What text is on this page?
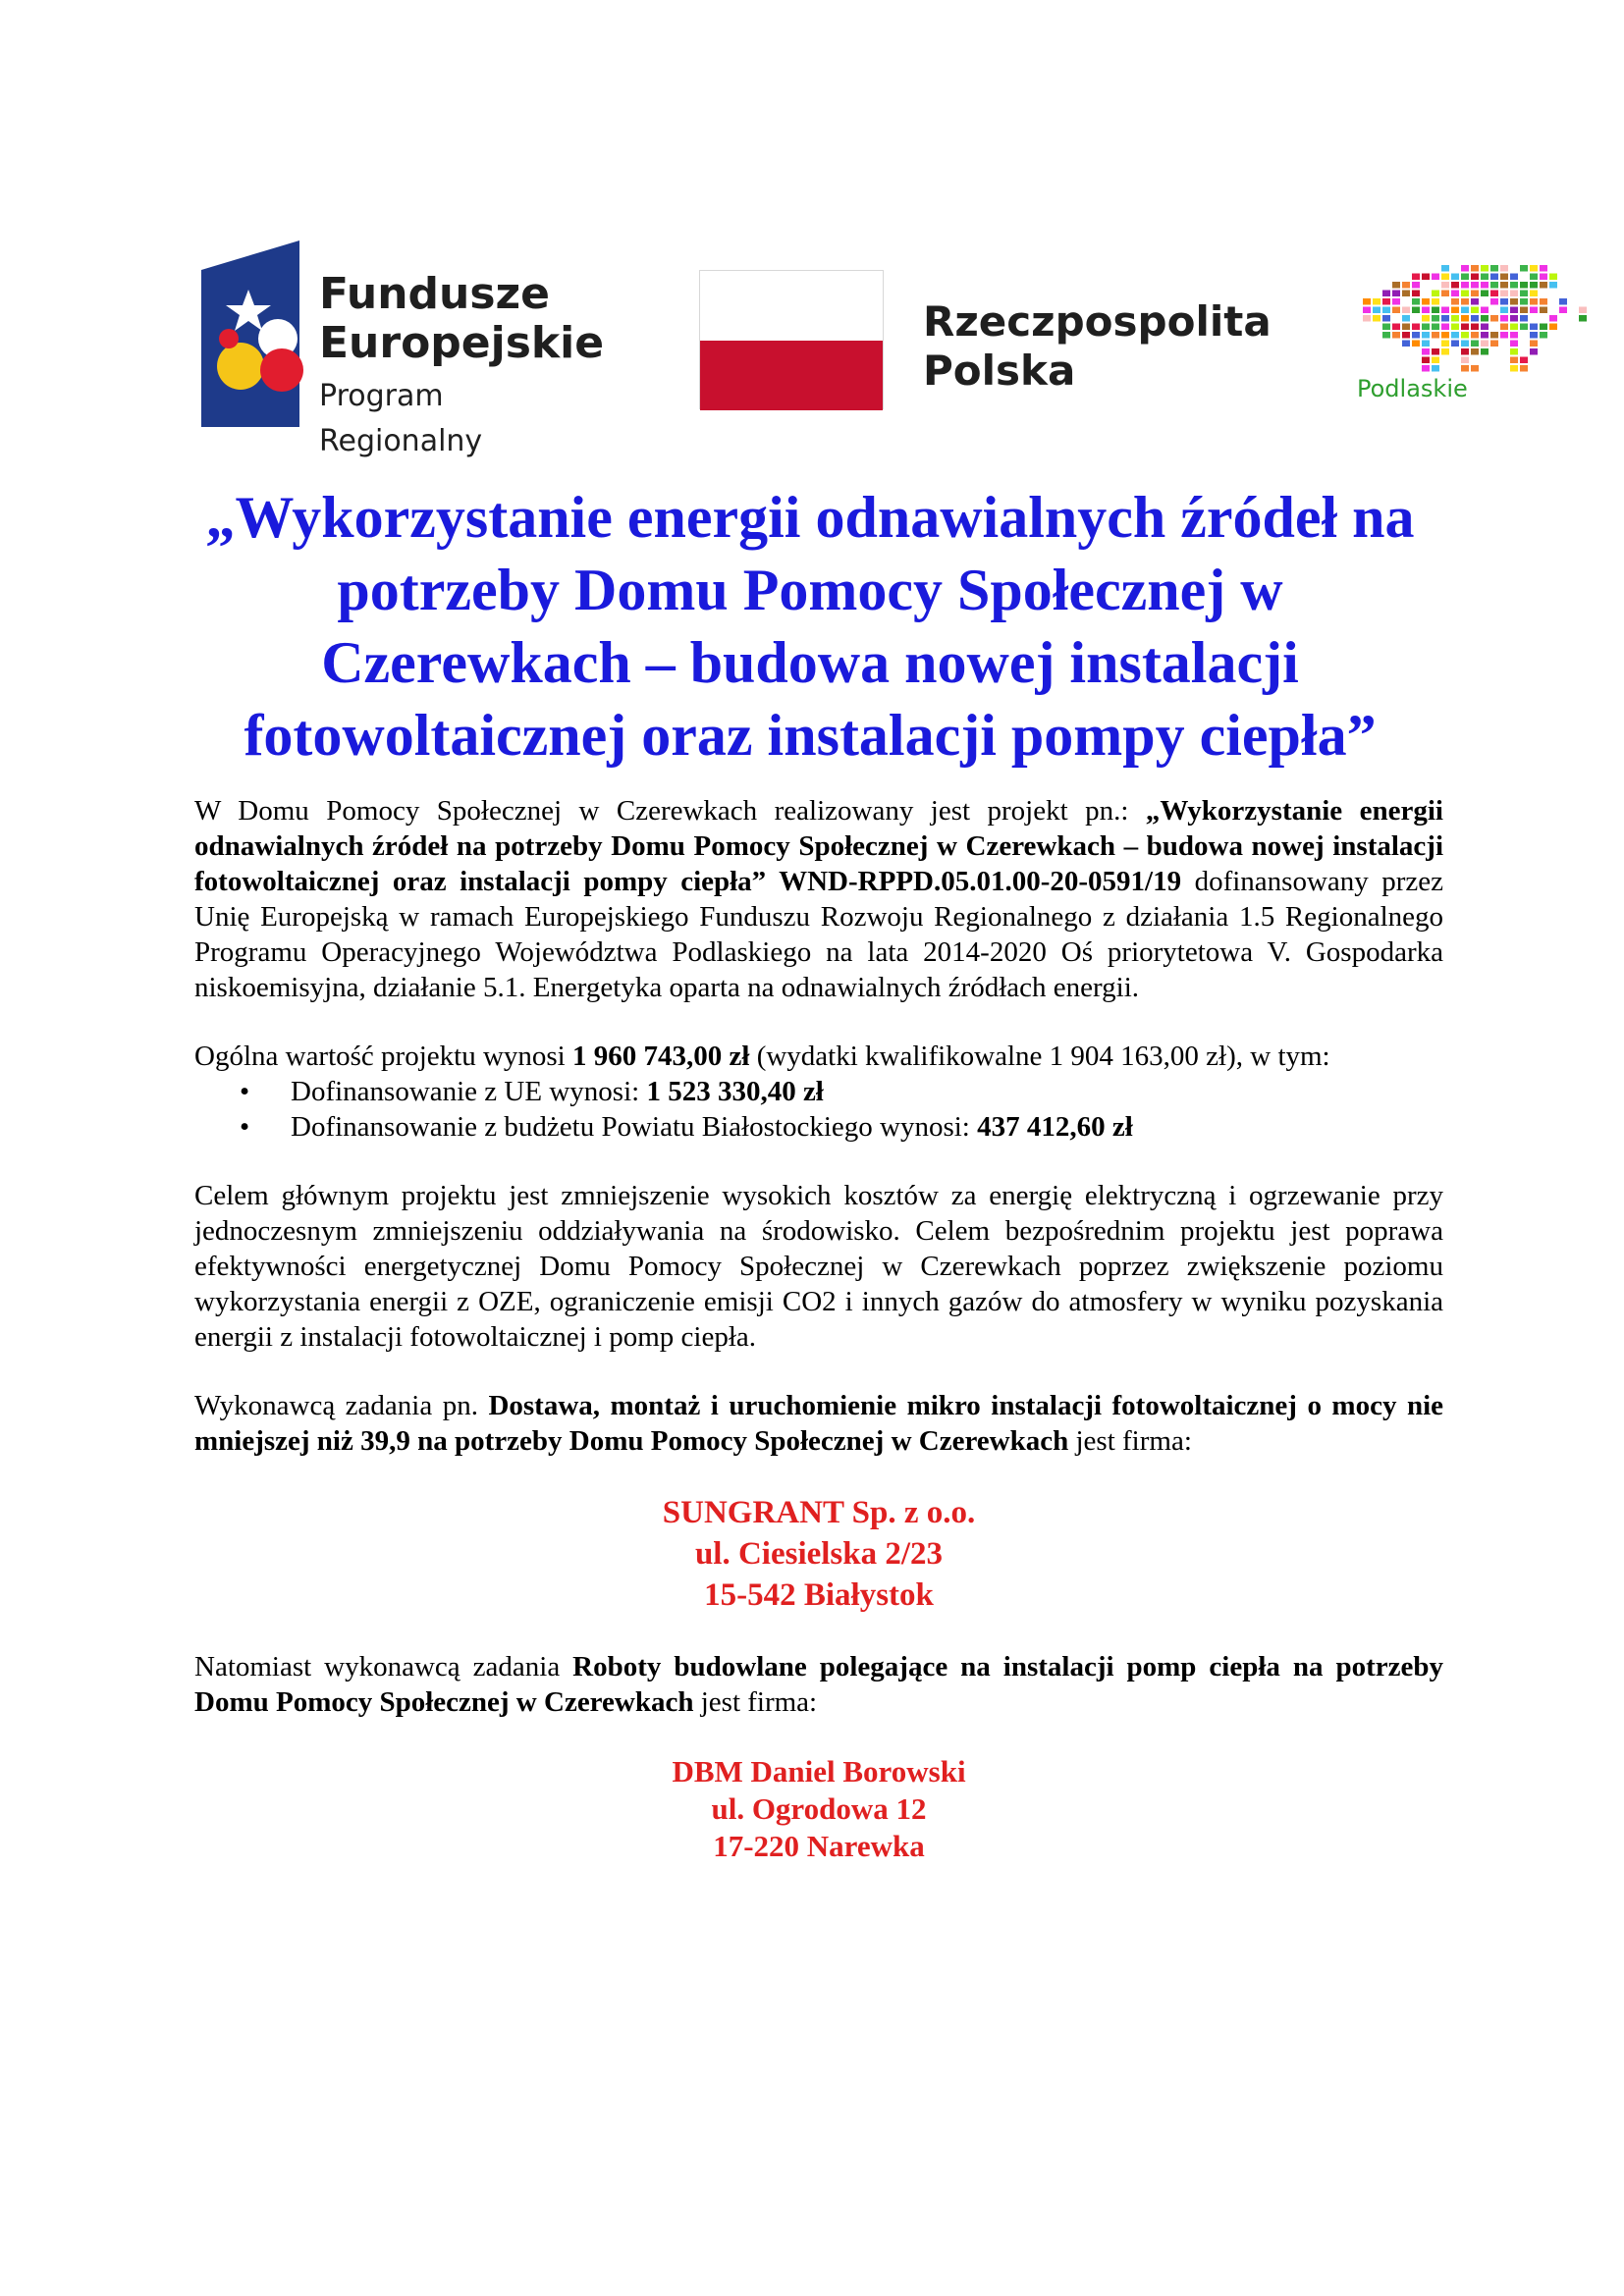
Fundusze
Europejskie
Program Regionalny
Rzeczpospolita
Polska	Podlaskie
„Wykorzystanie energii odnawialnych źródeł na potrzeby Domu Pomocy Społecznej w Czerewkach – budowa nowej instalacji fotowoltaicznej oraz instalacji pompy ciepła”

W Domu Pomocy Społecznej w Czerewkach realizowany jest projekt pn.: „Wykorzystanie energii odnawialnych źródeł na potrzeby Domu Pomocy Społecznej w Czerewkach – budowa nowej instalacji fotowoltaicznej oraz instalacji pompy ciepła” WND-RPPD.05.01.00-20-0591/19 dofinansowany przez Unię Europejską w ramach Europejskiego Funduszu Rozwoju Regionalnego z działania 1.5 Regionalnego Programu Operacyjnego Województwa Podlaskiego na lata 2014-2020 Oś priorytetowa V. Gospodarka niskoemisyjna, działanie 5.1. Energetyka oparta na odnawialnych źródłach energii.

Ogólna wartość projektu wynosi 1 960 743,00 zł (wydatki kwalifikowalne 1 904 163,00 zł), w tym:

• Dofinansowanie z UE wynosi: 1 523 330,40 zł
• Dofinansowanie z budżetu Powiatu Białostockiego wynosi: 437 412,60 zł

Celem głównym projektu jest zmniejszenie wysokich kosztów za energię elektryczną i ogrzewanie przy jednoczesnym zmniejszeniu oddziaływania na środowisko. Celem bezpośrednim projektu jest poprawa efektywności energetycznej Domu Pomocy Społecznej w Czerewkach poprzez zwiększenie poziomu wykorzystania energii z OZE, ograniczenie emisji CO2 i innych gazów do atmosfery w wyniku pozyskania energii z instalacji fotowoltaicznej i pomp ciepła.

Wykonawcą zadania pn. Dostawa, montaż i uruchomienie mikro instalacji fotowoltaicznej o mocy nie mniejszej niż 39,9 na potrzeby Domu Pomocy Społecznej w Czerewkach jest firma:

SUNGRANT Sp. z o.o.
ul. Ciesielska 2/23
15-542 Białystok

Natomiast wykonawcą zadania Roboty budowlane polegające na instalacji pomp ciepła na potrzeby Domu Pomocy Społecznej w Czerewkach jest firma:

DBM Daniel Borowski
ul. Ogrodowa 12
17-220 Narewka
